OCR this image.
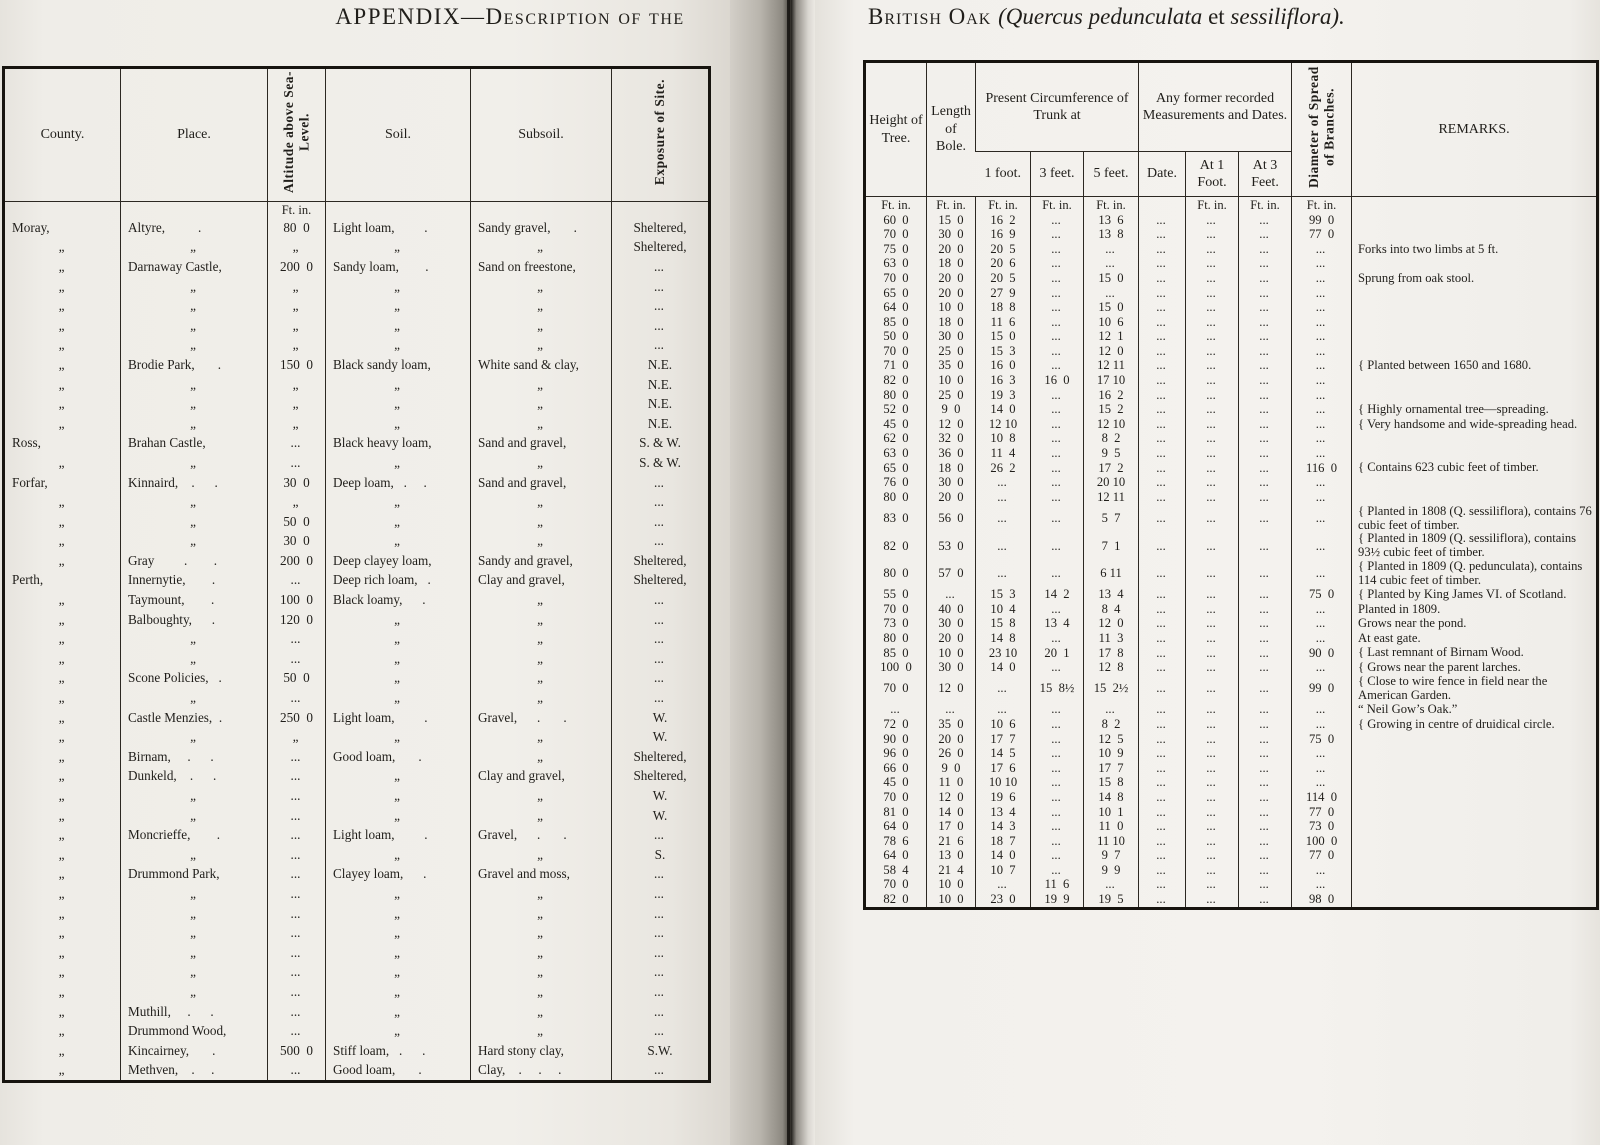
APPENDIX—Description of the	British Oak (Quercus pedunculata et sessiliflora).
County.	Place.	Altitude above Sea-Level.	Soil.	Subsoil.	Exposure of Site.
		Ft. in.			
Moray,	Altyre,          .	80  0	Light loam,         .	Sandy gravel,       .	Sheltered,
„	„	„	„	„	Sheltered,
„	Darnaway Castle,	200  0	Sandy loam,        .	Sand on freestone,	...
„	„	„	„	„	...
„	„	„	„	„	...
„	„	„	„	„	...
„	„	„	„	„	...
„	Brodie Park,       .	150  0	Black sandy loam,	White sand & clay,	N.E.
„	„	„	„	„	N.E.
„	„	„	„	„	N.E.
„	„	„	„	„	N.E.
Ross,	Brahan Castle,	...	Black heavy loam,	Sand and gravel,	S. & W.
„	„	...	„	„	S. & W.
Forfar,	Kinnaird,    .      .	30  0	Deep loam,   .     .	Sand and gravel,	...
„	„	„	„	„	...
„	„	50  0	„	„	...
„	„	30  0	„	„	...
„	Gray         .        .	200  0	Deep clayey loam,	Sandy and gravel,	Sheltered,
Perth,	Innernytie,        .	...	Deep rich loam,   .	Clay and gravel,	Sheltered,
„	Taymount,        .	100  0	Black loamy,      .	„	...
„	Balboughty,      .	120  0	„	„	...
„	„	...	„	„	...
„	„	...	„	„	...
„	Scone Policies,   .	50  0	„	„	...
„	„	...	„	„	...
„	Castle Menzies,  .	250  0	Light loam,         .	Gravel,      .       .	W.
„	„	„	„	„	W.
„	Birnam,     .      .	...	Good loam,       .	„	Sheltered,
„	Dunkeld,    .      .	...	„	Clay and gravel,	Sheltered,
„	„	...	„	„	W.
„	„	...	„	„	W.
„	Moncrieffe,        .	...	Light loam,         .	Gravel,      .       .	...
„	„	...	„	„	S.
„	Drummond Park,	...	Clayey loam,      .	Gravel and moss,	...
„	„	...	„	„	...
„	„	...	„	„	...
„	„	...	„	„	...
„	„	...	„	„	...
„	„	...	„	„	...
„	„	...	„	„	...
„	Muthill,     .      .	...	„	„	...
„	Drummond Wood,	...	„	„	...
„	Kincairney,       .	500  0	Stiff loam,   .      .	Hard stony clay,	S.W.
„	Methven,    .     .	...	Good loam,       .	Clay,    .     .     .	...
Height of Tree.	Length of Bole.	Present Circumference of Trunk at			Any former recorded Measurements and Dates.			Diameter of Spread of Branches.	REMARKS.
		1 foot.	3 feet.	5 feet.	Date.	At 1 Foot.	At 3 Feet.		
Ft. in.	Ft. in.	Ft. in.	Ft. in.	Ft. in.		Ft. in.	Ft. in.	Ft. in.	
60  0	15  0	16  2	...	13  6	...	...	...	99  0	
70  0	30  0	16  9	...	13  8	...	...	...	77  0	
75  0	20  0	20  5	...	...	...	...	...	...	Forks into two limbs at 5 ft.
63  0	18  0	20  6	...	...	...	...	...	...	
70  0	20  0	20  5	...	15  0	...	...	...	...	Sprung from oak stool.
65  0	20  0	27  9	...	...	...	...	...	...	
64  0	10  0	18  8	...	15  0	...	...	...	...	
85  0	18  0	11  6	...	10  6	...	...	...	...	
50  0	30  0	15  0	...	12  1	...	...	...	...	
70  0	25  0	15  3	...	12  0	...	...	...	...	
71  0	35  0	16  0	...	12 11	...	...	...	...	{ Planted between 1650 and 1680.
82  0	10  0	16  3	16  0	17 10	...	...	...	...	
80  0	25  0	19  3	...	16  2	...	...	...	...	
52  0	9  0	14  0	...	15  2	...	...	...	...	{ Highly ornamental tree—spreading.
45  0	12  0	12 10	...	12 10	...	...	...	...	{ Very handsome and wide-spreading head.
62  0	32  0	10  8	...	8  2	...	...	...	...	
63  0	36  0	11  4	...	9  5	...	...	...	...	
65  0	18  0	26  2	...	17  2	...	...	...	116  0	{ Contains 623 cubic feet of timber.
76  0	30  0	...	...	20 10	...	...	...	...	
80  0	20  0	...	...	12 11	...	...	...	...	
83  0	56  0	...	...	5  7	...	...	...	...	{ Planted in 1808 (Q. sessiliflora), contains 76 cubic feet of timber.
82  0	53  0	...	...	7  1	...	...	...	...	{ Planted in 1809 (Q. sessiliflora), contains 93½ cubic feet of timber.
80  0	57  0	...	...	6 11	...	...	...	...	{ Planted in 1809 (Q. pedunculata), contains 114 cubic feet of timber.
55  0	...	15  3	14  2	13  4	...	...	...	75  0	{ Planted by King James VI. of Scotland.
70  0	40  0	10  4	...	8  4	...	...	...	...	Planted in 1809.
73  0	30  0	15  8	13  4	12  0	...	...	...	...	Grows near the pond.
80  0	20  0	14  8	...	11  3	...	...	...	...	At east gate.
85  0	10  0	23 10	20  1	17  8	...	...	...	90  0	{ Last remnant of Birnam Wood.
100  0	30  0	14  0	...	12  8	...	...	...	...	{ Grows near the parent larches.
70  0	12  0	...	15  8½	15  2½	...	...	...	99  0	{ Close to wire fence in field near the American Garden.
...	...	...	...	...	...	...	...	...	“ Neil Gow’s Oak.”
72  0	35  0	10  6	...	8  2	...	...	...	...	{ Growing in centre of druidical circle.
90  0	20  0	17  7	...	12  5	...	...	...	75  0	
96  0	26  0	14  5	...	10  9	...	...	...	...	
66  0	9  0	17  6	...	17  7	...	...	...	...	
45  0	11  0	10 10	...	15  8	...	...	...	...	
70  0	12  0	19  6	...	14  8	...	...	...	114  0	
81  0	14  0	13  4	...	10  1	...	...	...	77  0	
64  0	17  0	14  3	...	11  0	...	...	...	73  0	
78  6	21  6	18  7	...	11 10	...	...	...	100  0	
64  0	13  0	14  0	...	9  7	...	...	...	77  0	
58  4	21  4	10  7	...	9  9	...	...	...	...	
70  0	10  0	...	11  6	...	...	...	...	...	
82  0	10  0	23  0	19  9	19  5	...	...	...	98  0	
